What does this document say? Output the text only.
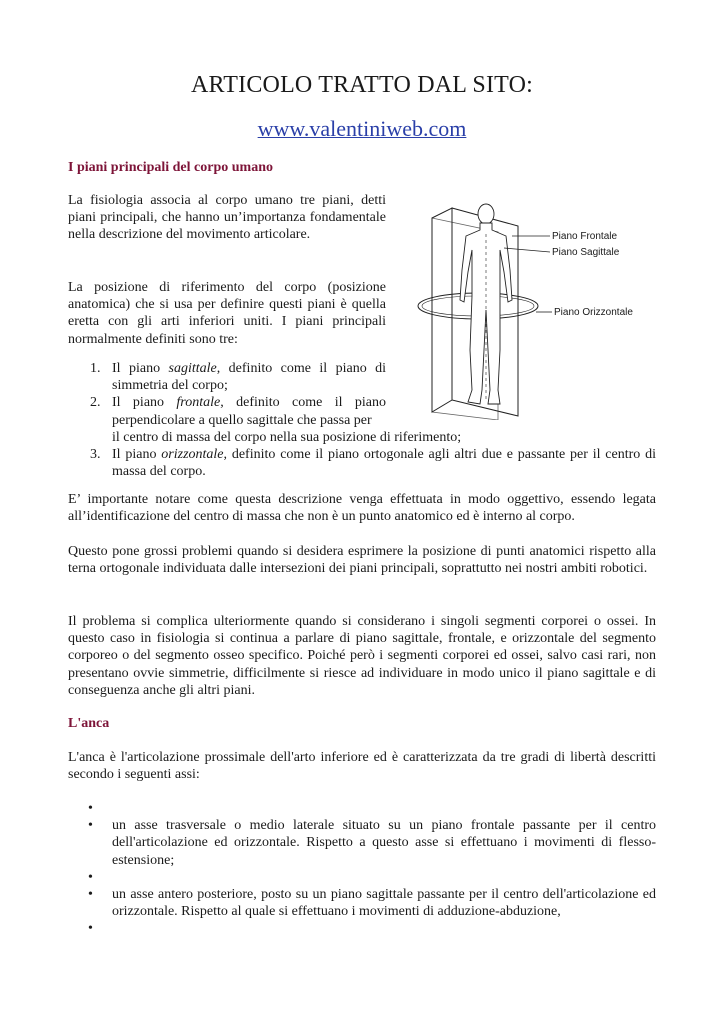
ARTICOLO TRATTO DAL SITO:
www.valentiniweb.com
I piani principali del corpo umano

La fisiologia associa al corpo umano tre piani, detti piani principali, che hanno un’importanza fondamentale nella descrizione del movimento articolare.

La posizione di riferimento del corpo (posizione anatomica) che si usa per definire questi piani è quella eretta con gli arti inferiori uniti. I piani principali normalmente definiti sono tre:

1. Il piano sagittale, definito come il piano di simmetria del corpo;
2. Il piano frontale, definito come il piano perpendicolare a quello sagittale che passa per
il centro di massa del corpo nella sua posizione di riferimento;
3. Il piano orizzontale, definito come il piano ortogonale agli altri due e passante per il centro di massa del corpo.

E’ importante notare come questa descrizione venga effettuata in modo oggettivo, essendo legata all’identificazione del centro di massa che non è un punto anatomico ed è interno al corpo.

Questo pone grossi problemi quando si desidera esprimere la posizione di punti anatomici rispetto alla terna ortogonale individuata dalle intersezioni dei piani principali, soprattutto nei nostri ambiti robotici.

Il problema si complica ulteriormente quando si considerano i singoli segmenti corporei o ossei. In questo caso in fisiologia si continua a parlare di piano sagittale, frontale, e orizzontale del segmento corporeo o del segmento osseo specifico. Poiché però i segmenti corporei ed ossei, salvo casi rari, non presentano ovvie simmetrie, difficilmente si riesce ad individuare in modo unico il piano sagittale e di conseguenza anche gli altri piani.

L'anca

L'anca è l'articolazione prossimale dell'arto inferiore ed è caratterizzata da tre gradi di libertà descritti secondo i seguenti assi:

•
• un asse trasversale o medio laterale situato su un piano frontale passante per il centro dell'articolazione ed orizzontale. Rispetto a questo asse si effettuano i movimenti di flesso-estensione;
•
• un asse antero posteriore, posto su un piano sagittale passante per il centro dell'articolazione ed orizzontale. Rispetto al quale si effettuano i movimenti di adduzione-abduzione,
•
Piano Frontale
Piano Sagittale
Piano Orizzontale
